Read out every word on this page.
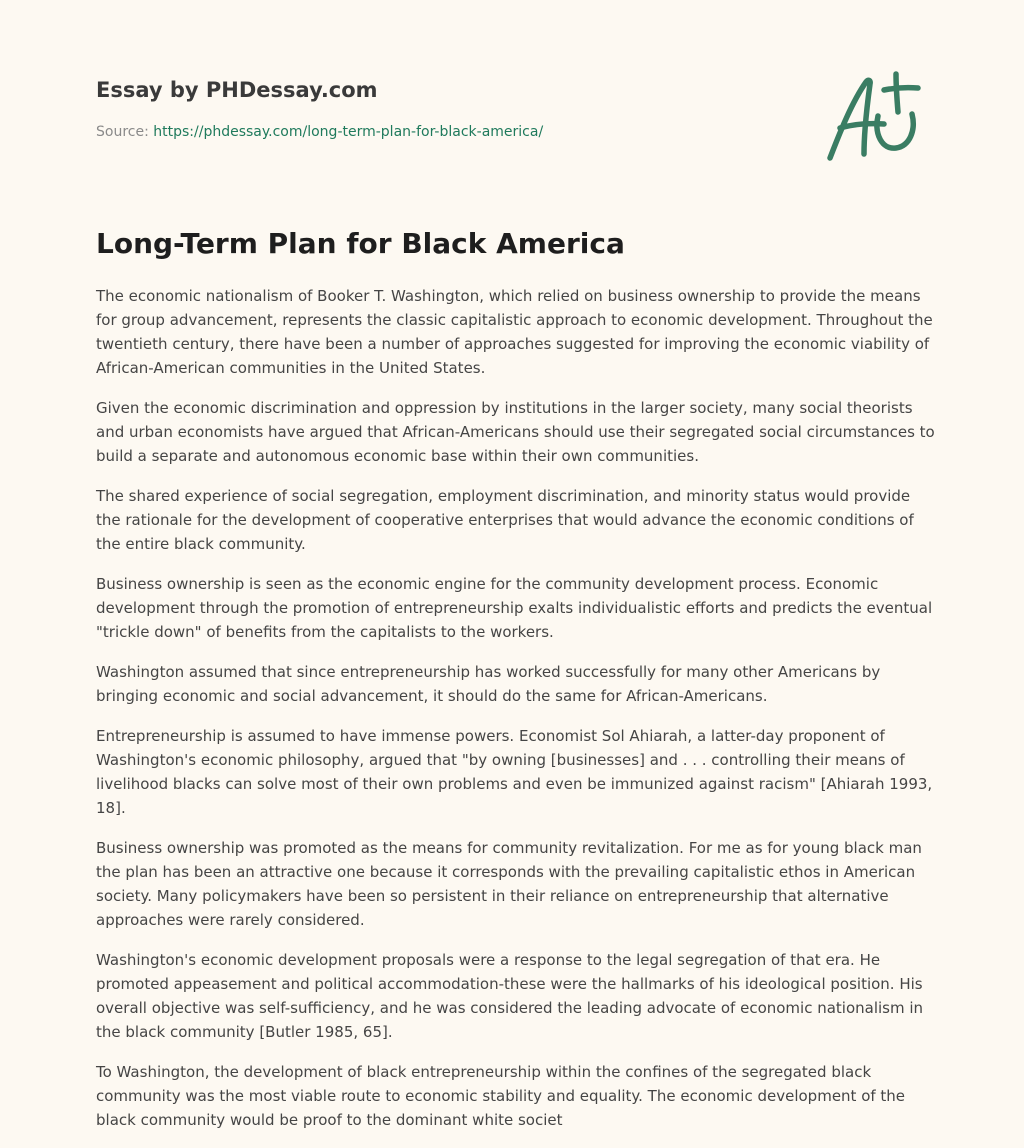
Essay by PHDessay.com
Source: https://phdessay.com/long-term-plan-for-black-america/
Long-Term Plan for Black America

The economic nationalism of Booker T. Washington, which relied on business ownership to provide the means for group advancement, represents the classic capitalistic approach to economic development. Throughout the twentieth century, there have been a number of approaches suggested for improving the economic viability of African-American communities in the United States.

Given the economic discrimination and oppression by institutions in the larger society, many social theorists and urban economists have argued that African-Americans should use their segregated social circumstances to build a separate and autonomous economic base within their own communities.

The shared experience of social segregation, employment discrimination, and minority status would provide the rationale for the development of cooperative enterprises that would advance the economic conditions of the entire black community.

Business ownership is seen as the economic engine for the community development process. Economic development through the promotion of entrepreneurship exalts individualistic efforts and predicts the eventual "trickle down" of benefits from the capitalists to the workers.

Washington assumed that since entrepreneurship has worked successfully for many other Americans by bringing economic and social advancement, it should do the same for African-Americans.

Entrepreneurship is assumed to have immense powers. Economist Sol Ahiarah, a latter-day proponent of Washington's economic philosophy, argued that "by owning [businesses] and . . . controlling their means of livelihood blacks can solve most of their own problems and even be immunized against racism" [Ahiarah 1993, 18].

Business ownership was promoted as the means for community revitalization. For me as for young black man the plan has been an attractive one because it corresponds with the prevailing capitalistic ethos in American society. Many policymakers have been so persistent in their reliance on entrepreneurship that alternative approaches were rarely considered.

Washington's economic development proposals were a response to the legal segregation of that era. He promoted appeasement and political accommodation-these were the hallmarks of his ideological position. His overall objective was self-sufficiency, and he was considered the leading advocate of economic nationalism in the black community [Butler 1985, 65].

To Washington, the development of black entrepreneurship within the confines of the segregated black community was the most viable route to economic stability and equality. The economic development of the black community would be proof to the dominant white societ
